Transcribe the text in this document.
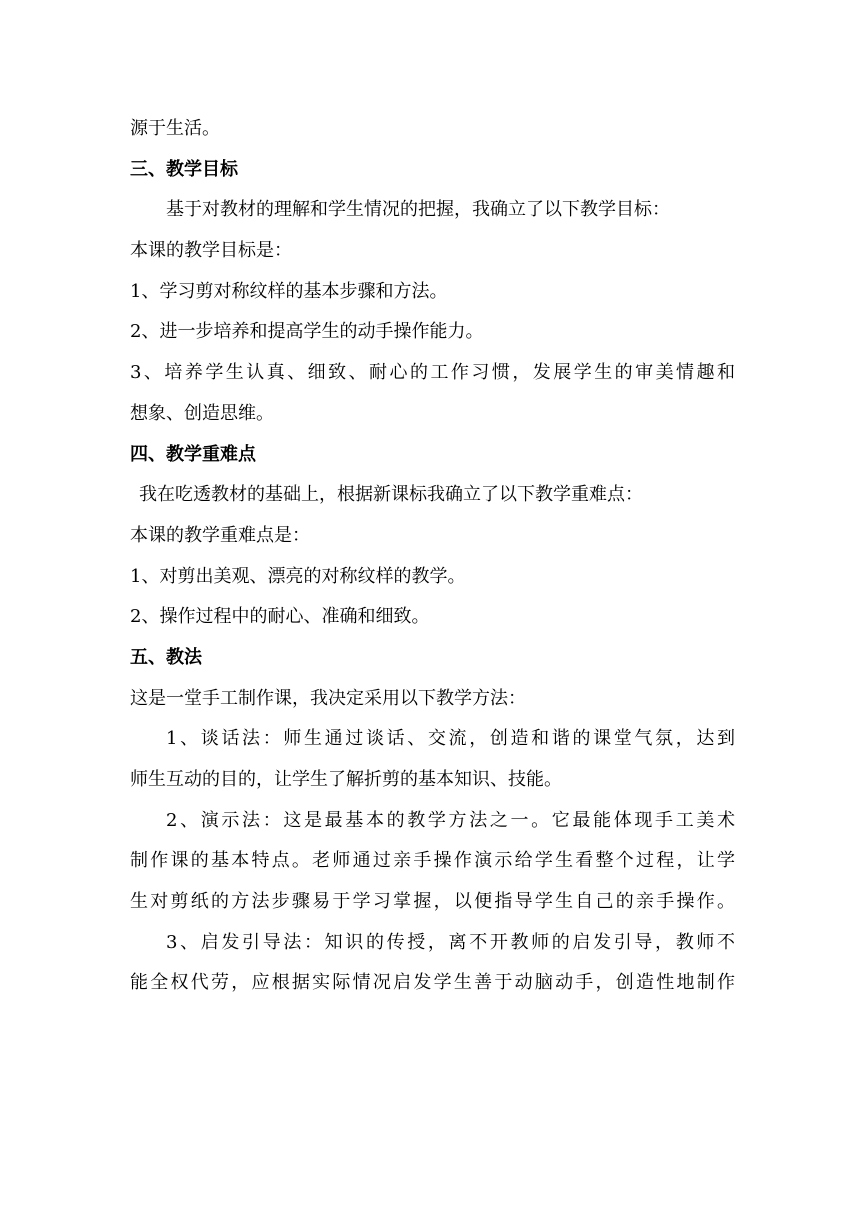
源于生活。

三、教学目标

基于对教材的理解和学生情况的把握，我确立了以下教学目标：

本课的教学目标是：

1、学习剪对称纹样的基本步骤和方法。

2、进一步培养和提高学生的动手操作能力。

3、培养学生认真、细致、耐心的工作习惯，发展学生的审美情趣和

想象、创造思维。

四、教学重难点

我在吃透教材的基础上，根据新课标我确立了以下教学重难点：

本课的教学重难点是：

1、对剪出美观、漂亮的对称纹样的教学。

2、操作过程中的耐心、准确和细致。

五、教法

这是一堂手工制作课，我决定采用以下教学方法：

1、谈话法：师生通过谈话、交流，创造和谐的课堂气氛，达到

师生互动的目的，让学生了解折剪的基本知识、技能。

2、演示法：这是最基本的教学方法之一。它最能体现手工美术

制作课的基本特点。老师通过亲手操作演示给学生看整个过程，让学

生对剪纸的方法步骤易于学习掌握，以便指导学生自己的亲手操作。

3、启发引导法：知识的传授，离不开教师的启发引导，教师不

能全权代劳，应根据实际情况启发学生善于动脑动手，创造性地制作
